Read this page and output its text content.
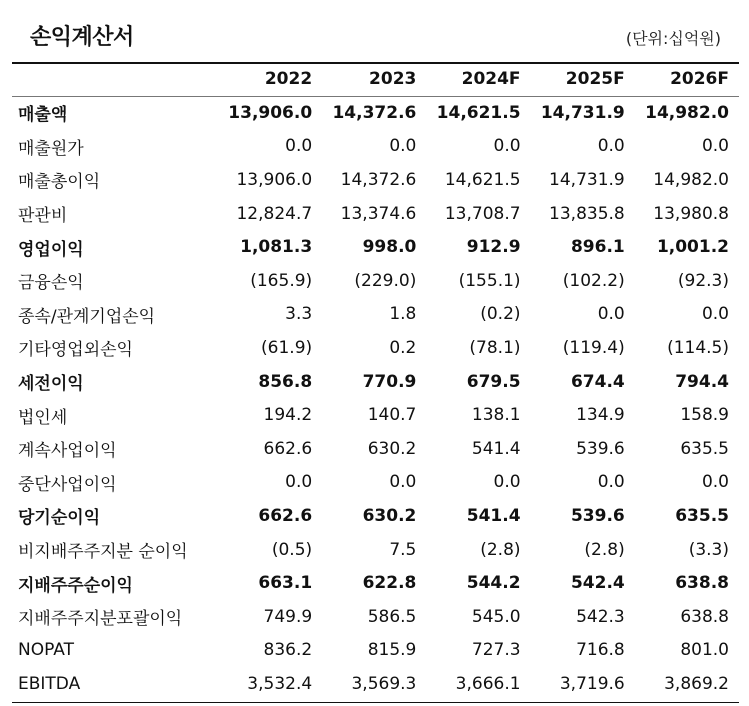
손익계산서	(단위:십억원)
	2022	2023	2024F	2025F	2026F
매출액	13,906.0	14,372.6	14,621.5	14,731.9	14,982.0
매출원가	0.0	0.0	0.0	0.0	0.0
매출총이익	13,906.0	14,372.6	14,621.5	14,731.9	14,982.0
판관비	12,824.7	13,374.6	13,708.7	13,835.8	13,980.8
영업이익	1,081.3	998.0	912.9	896.1	1,001.2
금융손익	(165.9)	(229.0)	(155.1)	(102.2)	(92.3)
종속/관계기업손익	3.3	1.8	(0.2)	0.0	0.0
기타영업외손익	(61.9)	0.2	(78.1)	(119.4)	(114.5)
세전이익	856.8	770.9	679.5	674.4	794.4
법인세	194.2	140.7	138.1	134.9	158.9
계속사업이익	662.6	630.2	541.4	539.6	635.5
중단사업이익	0.0	0.0	0.0	0.0	0.0
당기순이익	662.6	630.2	541.4	539.6	635.5
비지배주주지분 순이익	(0.5)	7.5	(2.8)	(2.8)	(3.3)
지배주주순이익	663.1	622.8	544.2	542.4	638.8
지배주주지분포괄이익	749.9	586.5	545.0	542.3	638.8
NOPAT	836.2	815.9	727.3	716.8	801.0
EBITDA	3,532.4	3,569.3	3,666.1	3,719.6	3,869.2
